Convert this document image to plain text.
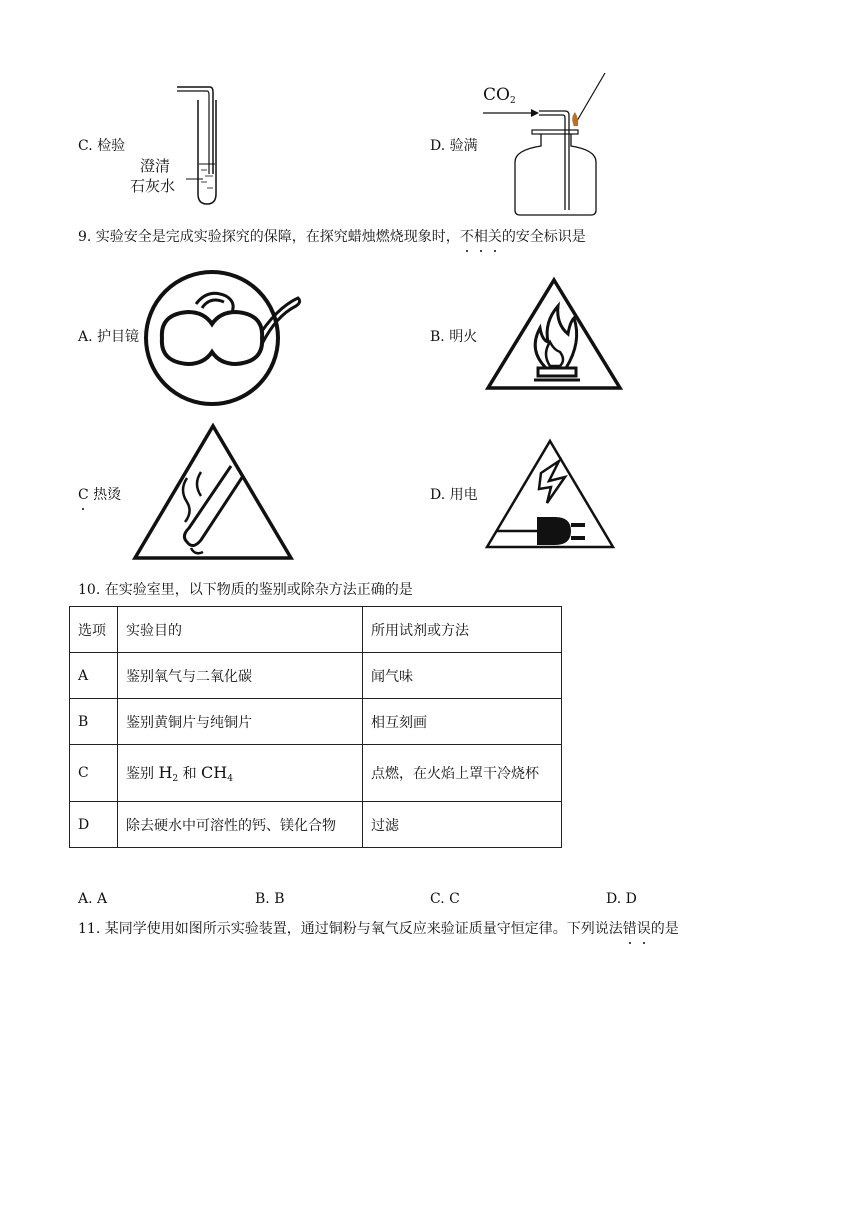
C. 检验
澄清
石灰水
D. 验满
$CO_2$
9. 实验安全是完成实验探究的保障，在探究蜡烛燃烧现象时，不相关的安全标识是
A. 护目镜	B. 明火
C 热烫	D. 用电
10. 在实验室里，以下物质的鉴别或除杂方法正确的是
选项	实验目的	所用试剂或方法
A	鉴别氧气与二氧化碳	闻气味
B	鉴别黄铜片与纯铜片	相互刻画
C	鉴别 $H_2$ 和 $CH_4$	点燃，在火焰上罩干冷烧杯
D	除去硬水中可溶性的钙、镁化合物	过滤
A. A	B. B	C. C	D. D
11. 某同学使用如图所示实验装置，通过铜粉与氧气反应来验证质量守恒定律。下列说法错误的是
